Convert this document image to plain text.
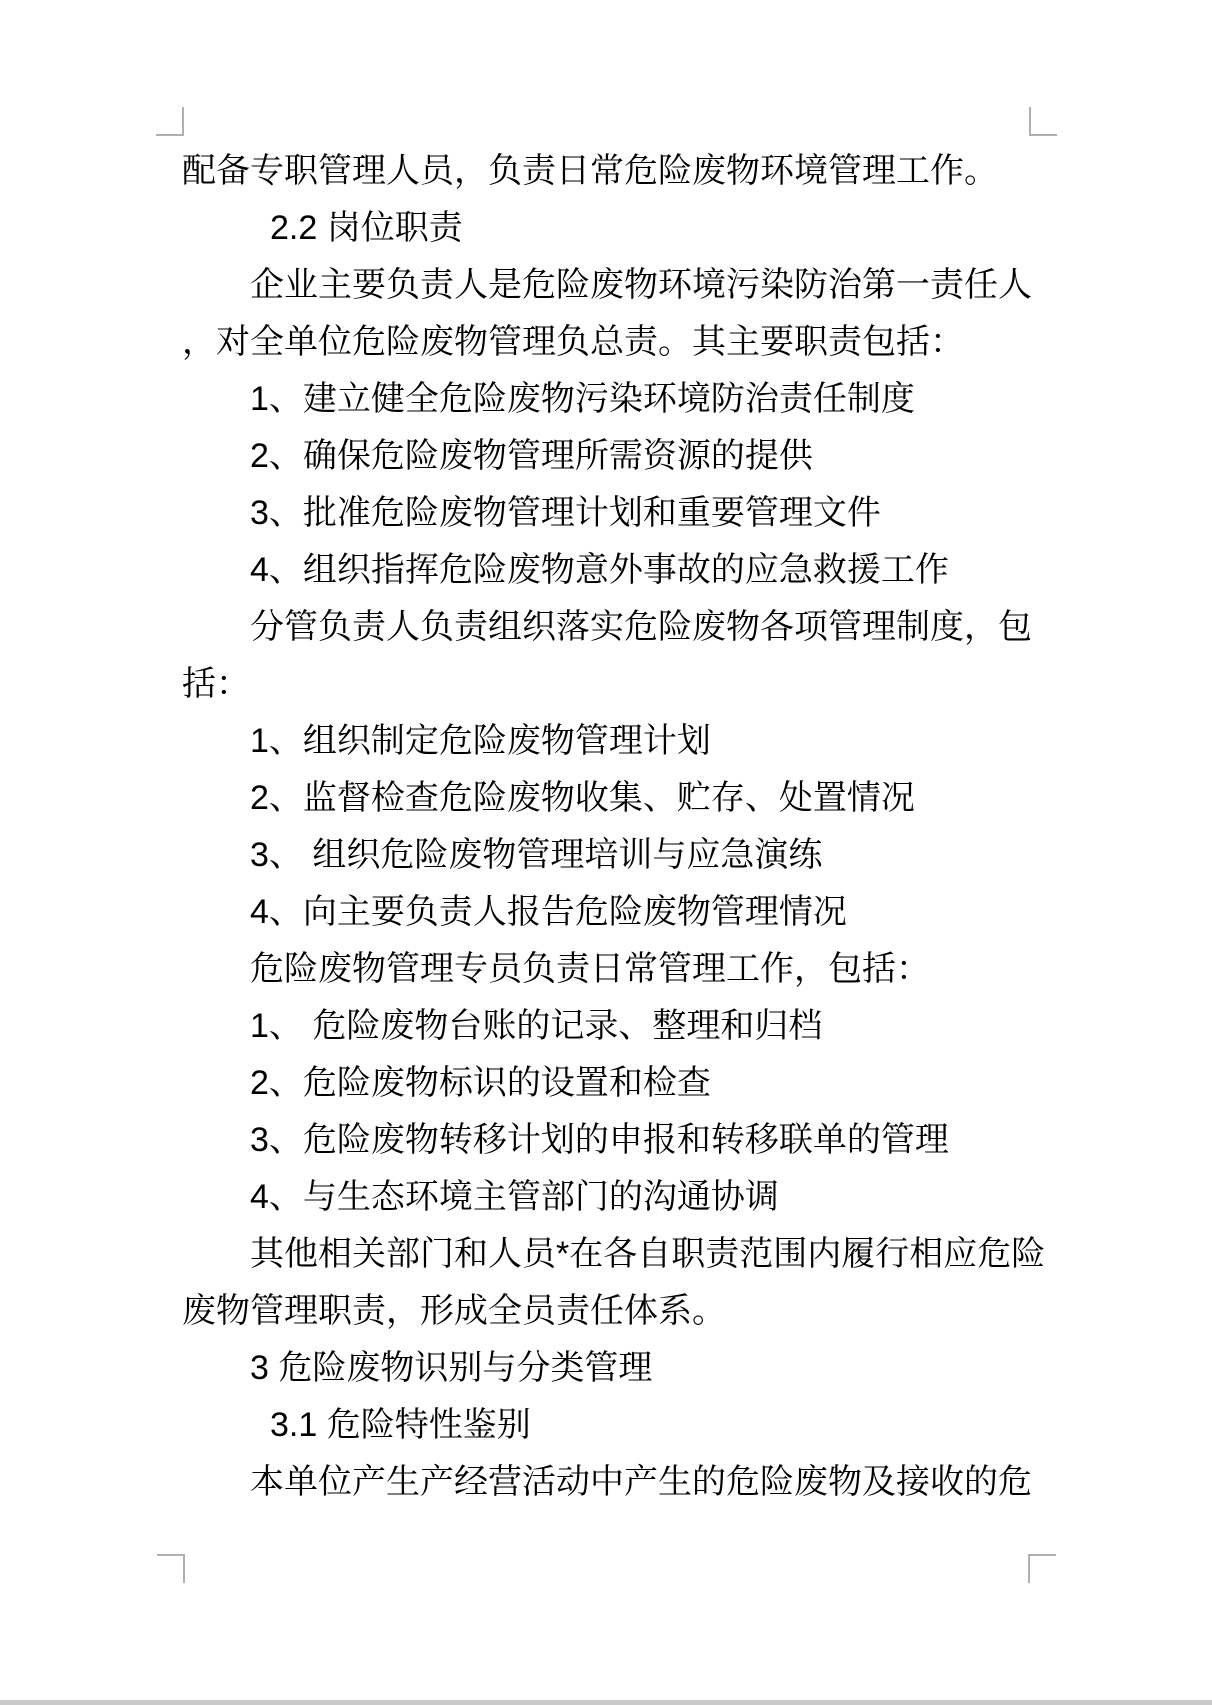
配备专职管理人员，负责日常危险废物环境管理工作。
2.2 岗位职责
企业主要负责人是危险废物环境污染防治第一责任人
，对全单位危险废物管理负总责。其主要职责包括：
1、建立健全危险废物污染环境防治责任制度
2、确保危险废物管理所需资源的提供
3、批准危险废物管理计划和重要管理文件
4、组织指挥危险废物意外事故的应急救援工作
分管负责人负责组织落实危险废物各项管理制度，包
括：
1、组织制定危险废物管理计划
2、监督检查危险废物收集、贮存、处置情况
3、 组织危险废物管理培训与应急演练
4、向主要负责人报告危险废物管理情况
危险废物管理专员负责日常管理工作，包括：
1、 危险废物台账的记录、整理和归档
2、危险废物标识的设置和检查
3、危险废物转移计划的申报和转移联单的管理
4、与生态环境主管部门的沟通协调
其他相关部门和人员*在各自职责范围内履行相应危险
废物管理职责，形成全员责任体系。
3 危险废物识别与分类管理
3.1 危险特性鉴别
本单位产生产经营活动中产生的危险废物及接收的危
